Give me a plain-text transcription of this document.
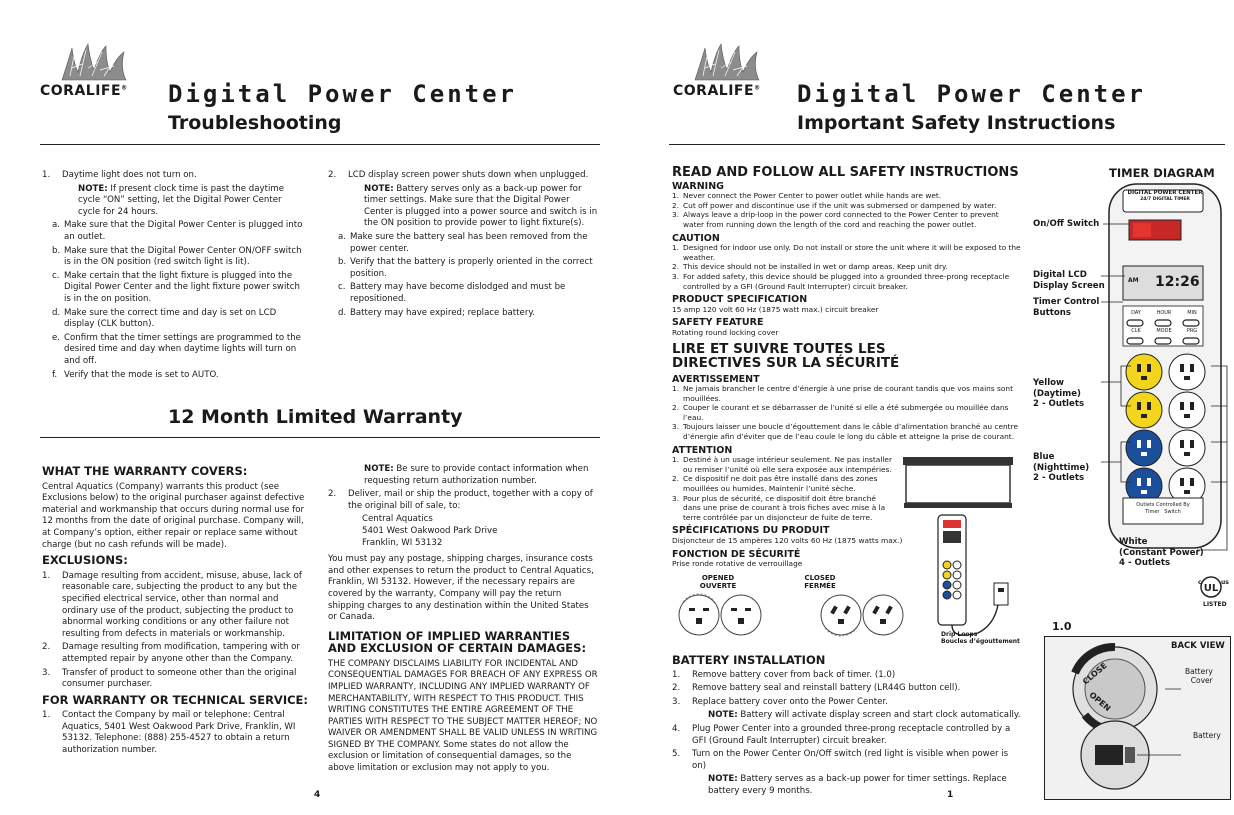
CORALIFE®	Digital Power Center
Troubleshooting
1. Daytime light does not turn on.
NOTE: If present clock time is past the daytime cycle “ON” setting, let the Digital Power Center cycle for 24 hours.
a. Make sure that the Digital Power Center is plugged into an outlet.
b. Make sure that the Digital Power Center ON/OFF switch is in the ON position (red switch light is lit).
c. Make certain that the light fixture is plugged into the Digital Power Center and the light fixture power switch is in the on position.
d. Make sure the correct time and day is set on LCD display (CLK button).
e. Confirm that the timer settings are programmed to the desired time and day when daytime lights will turn on and off.
f. Verify that the mode is set to AUTO.
2. LCD display screen power shuts down when unplugged.
NOTE: Battery serves only as a back-up power for timer settings. Make sure that the Digital Power Center is plugged into a power source and switch is in the ON position to provide power to light fixture(s).
a. Make sure the battery seal has been removed from the power center.
b. Verify that the battery is properly oriented in the correct position.
c. Battery may have become dislodged and must be repositioned.
d. Battery may have expired; replace battery.
12 Month Limited Warranty
WHAT THE WARRANTY COVERS:
Central Aquatics (Company) warrants this product (see Exclusions below) to the original purchaser against defective material and workmanship that occurs during normal use for 12 months from the date of original purchase. Company will, at Company’s option, either repair or replace same without charge (but no cash refunds will be made).
EXCLUSIONS:
1. Damage resulting from accident, misuse, abuse, lack of reasonable care, subjecting the product to any but the specified electrical service, other than normal and ordinary use of the product, subjecting the product to abnormal working conditions or any other failure not resulting from defects in materials or workmanship.
2. Damage resulting from modification, tampering with or attempted repair by anyone other than the Company.
3. Transfer of product to someone other than the original consumer purchaser.
FOR WARRANTY OR TECHNICAL SERVICE:
1. Contact the Company by mail or telephone: Central Aquatics, 5401 West Oakwood Park Drive, Franklin, WI 53132. Telephone: (888) 255-4527 to obtain a return authorization number.
NOTE: Be sure to provide contact information when requesting return authorization number.
2. Deliver, mail or ship the product, together with a copy of the original bill of sale, to:
Central Aquatics
5401 West Oakwood Park Drive
Franklin, WI 53132
You must pay any postage, shipping charges, insurance costs and other expenses to return the product to Central Aquatics, Franklin, WI 53132. However, if the necessary repairs are covered by the warranty, Company will pay the return shipping charges to any destination within the United States or Canada.
LIMITATION OF IMPLIED WARRANTIES AND EXCLUSION OF CERTAIN DAMAGES:
THE COMPANY DISCLAIMS LIABILITY FOR INCIDENTAL AND CONSEQUENTIAL DAMAGES FOR BREACH OF ANY EXPRESS OR IMPLIED WARRANTY, INCLUDING ANY IMPLIED WARRANTY OF MERCHANTABILITY, WITH RESPECT TO THIS PRODUCT. THIS WRITING CONSTITUTES THE ENTIRE AGREEMENT OF THE PARTIES WITH RESPECT TO THE SUBJECT MATTER HEREOF; NO WAIVER OR AMENDMENT SHALL BE VALID UNLESS IN WRITING SIGNED BY THE COMPANY. Some states do not allow the exclusion or limitation of consequential damages, so the above limitation or exclusion may not apply to you.
4
CORALIFE®	Digital Power Center
Important Safety Instructions
READ AND FOLLOW ALL SAFETY INSTRUCTIONS
WARNING
1. Never connect the Power Center to power outlet while hands are wet.
2. Cut off power and discontinue use if the unit was submersed or dampened by water.
3. Always leave a drip-loop in the power cord connected to the Power Center to prevent water from running down the length of the cord and reaching the power outlet.
CAUTION
1. Designed for indoor use only. Do not install or store the unit where it will be exposed to the weather.
2. This device should not be installed in wet or damp areas. Keep unit dry.
3. For added safety, this device should be plugged into a grounded three-prong receptacle controlled by a GFI (Ground Fault Interrupter) circuit breaker.
PRODUCT SPECIFICATION
15 amp 120 volt 60 Hz (1875 watt max.) circuit breaker
SAFETY FEATURE
Rotating round locking cover
LIRE ET SUIVRE TOUTES LES DIRECTIVES SUR LA SÉCURITÉ
AVERTISSEMENT
1. Ne jamais brancher le centre d’énergie à une prise de courant tandis que vos mains sont mouillées.
2. Couper le courant et se débarrasser de l’unité si elle a été submergée ou mouillée dans l’eau.
3. Toujours laisser une boucle d’égouttement dans le câble d’alimentation branché au centre d’énergie afin d’éviter que de l’eau coule le long du câble et atteigne la prise de courant.
ATTENTION
1. Destiné à un usage intérieur seulement. Ne pas installer ou remiser l’unité où elle sera exposée aux intempéries.
2. Ce dispositif ne doit pas être installé dans des zones mouillées ou humides. Maintenir l’unité sèche.
3. Pour plus de sécurité, ce dispositif doit être branché dans une prise de courant à trois fiches avec mise à la terre contrôlée par un disjoncteur de fuite de terre.
SPÉCIFICATIONS DU PRODUIT
Disjoncteur de 15 ampères 120 volts 60 Hz (1875 watts max.)
FONCTION DE SÉCURITÉ
Prise ronde rotative de verrouillage
OPENED
OUVERTE
CLOSED
FERMÉE
Drip Loops
Boucles d’égouttement
BATTERY INSTALLATION
1. Remove battery cover from back of timer. (1.0)
2. Remove battery seal and reinstall battery (LR44G button cell).
3. Replace battery cover onto the Power Center.
NOTE: Battery will activate display screen and start clock automatically.
4. Plug Power Center into a grounded three-prong receptacle controlled by a GFI (Ground Fault Interrupter) circuit breaker.
5. Turn on the Power Center On/Off switch (red light is visible when power is on)
NOTE: Battery serves as a back-up power for timer settings. Replace battery every 9 months.
TIMER DIAGRAM
DIGITAL POWER CENTER
24/7 DIGITAL TIMER
12:26
AM
DAY	HOUR	MIN
CLK	MODE	PRG
Outlets Controlled By
Timer Switch
On/Off Switch
Digital LCD
Display Screen
Timer Control
Buttons
Yellow
(Daytime)
2 - Outlets
Blue
(Nighttime)
2 - Outlets
White
(Constant Power)
4 - Outlets
UL
c	us
LISTED
1.0
CLOSE
OPEN
BACK VIEW
Battery
Cover
Battery
1
